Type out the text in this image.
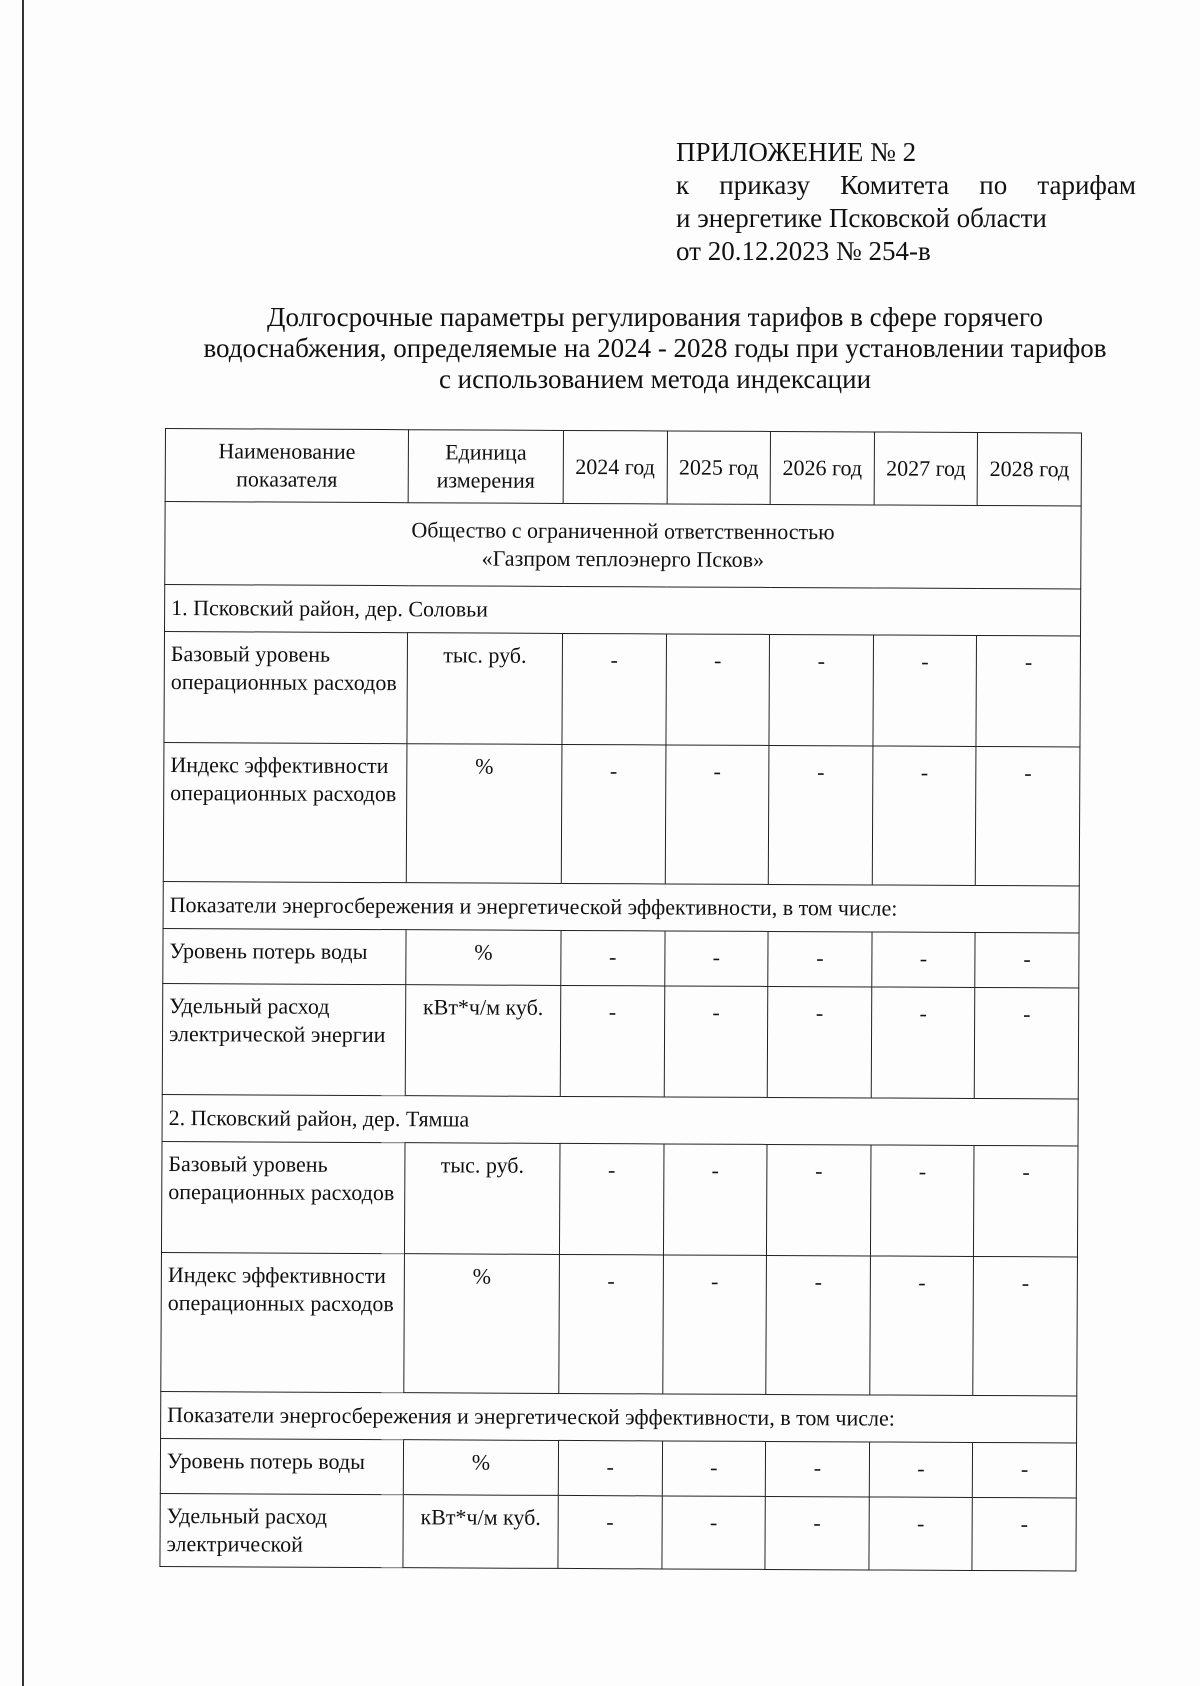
ПРИЛОЖЕНИЕ № 2
к приказу Комитета по тарифам
и энергетике Псковской области
от 20.12.2023 № 254-в
Долгосрочные параметры регулирования тарифов в сфере горячего
водоснабжения, определяемые на 2024 - 2028 годы при установлении тарифов
с использованием метода индексации
Наименование показателя	Единица измерения	2024 год	2025 год	2026 год	2027 год	2028 год
Общество с ограниченной ответственностью
«Газпром теплоэнерго Псков»						
1. Псковский район, дер. Соловьи						
Базовый уровень операционных расходов	тыс. руб.	-	-	-	-	-
Индекс эффективности операционных расходов	%	-	-	-	-	-
Показатели энергосбережения и энергетической эффективности, в том числе:						
Уровень потерь воды	%	-	-	-	-	-
Удельный расход электрической энергии	кВт*ч/м куб.	-	-	-	-	-
2. Псковский район, дер. Тямша						
Базовый уровень операционных расходов	тыс. руб.	-	-	-	-	-
Индекс эффективности операционных расходов	%	-	-	-	-	-
Показатели энергосбережения и энергетической эффективности, в том числе:						
Уровень потерь воды	%	-	-	-	-	-
Удельный расход электрической	кВт*ч/м куб.	-	-	-	-	-
